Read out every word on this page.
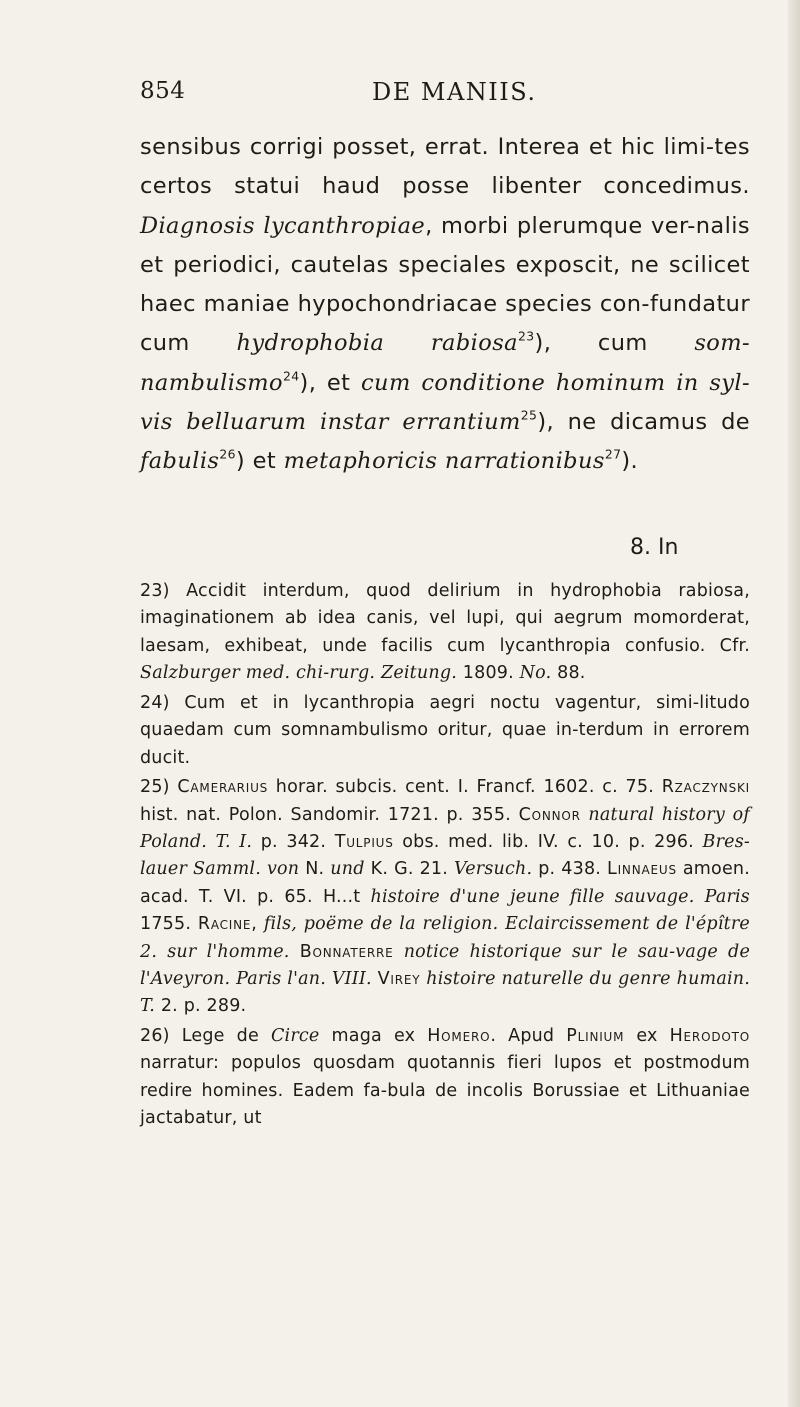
854	DE MANIIS.

sensibus corrigi posset, errat. Interea et hic limi-tes certos statui haud posse libenter concedimus. Diagnosis lycanthropiae, morbi plerumque ver-nalis et periodici, cautelas speciales exposcit, ne scilicet haec maniae hypochondriacae species con-fundatur cum hydrophobia rabiosa$^{23}$), cum som-nambulismo$^{24}$), et cum conditione hominum in syl-vis belluarum instar errantium$^{25}$), ne dicamus de fabulis$^{26}$) et metaphoricis narrationibus$^{27}$).

8. In

23) Accidit interdum, quod delirium in hydrophobia rabiosa, imaginationem ab idea canis, vel lupi, qui aegrum momorderat, laesam, exhibeat, unde facilis cum lycanthropia confusio. Cfr. Salzburger med. chi-rurg. Zeitung. 1809. No. 88.

24) Cum et in lycanthropia aegri noctu vagentur, simi-litudo quaedam cum somnambulismo oritur, quae in-terdum in errorem ducit.

25) Camerarius horar. subcis. cent. I. Francf. 1602. c. 75. Rzaczynski hist. nat. Polon. Sandomir. 1721. p. 355. Connor natural history of Poland. T. I. p. 342. Tulpius obs. med. lib. IV. c. 10. p. 296. Bres-lauer Samml. von N. und K. G. 21. Versuch. p. 438. Linnaeus amoen. acad. T. VI. p. 65. H...t histoire d'une jeune fille sauvage. Paris 1755. Racine, fils, poëme de la religion. Eclaircissement de l'épître 2. sur l'homme. Bonnaterre notice historique sur le sau-vage de l'Aveyron. Paris l'an. VIII. Virey histoire naturelle du genre humain. T. 2. p. 289.

26) Lege de Circe maga ex Homero. Apud Plinium ex Herodoto narratur: populos quosdam quotannis fieri lupos et postmodum redire homines. Eadem fa-bula de incolis Borussiae et Lithuaniae jactabatur, ut
